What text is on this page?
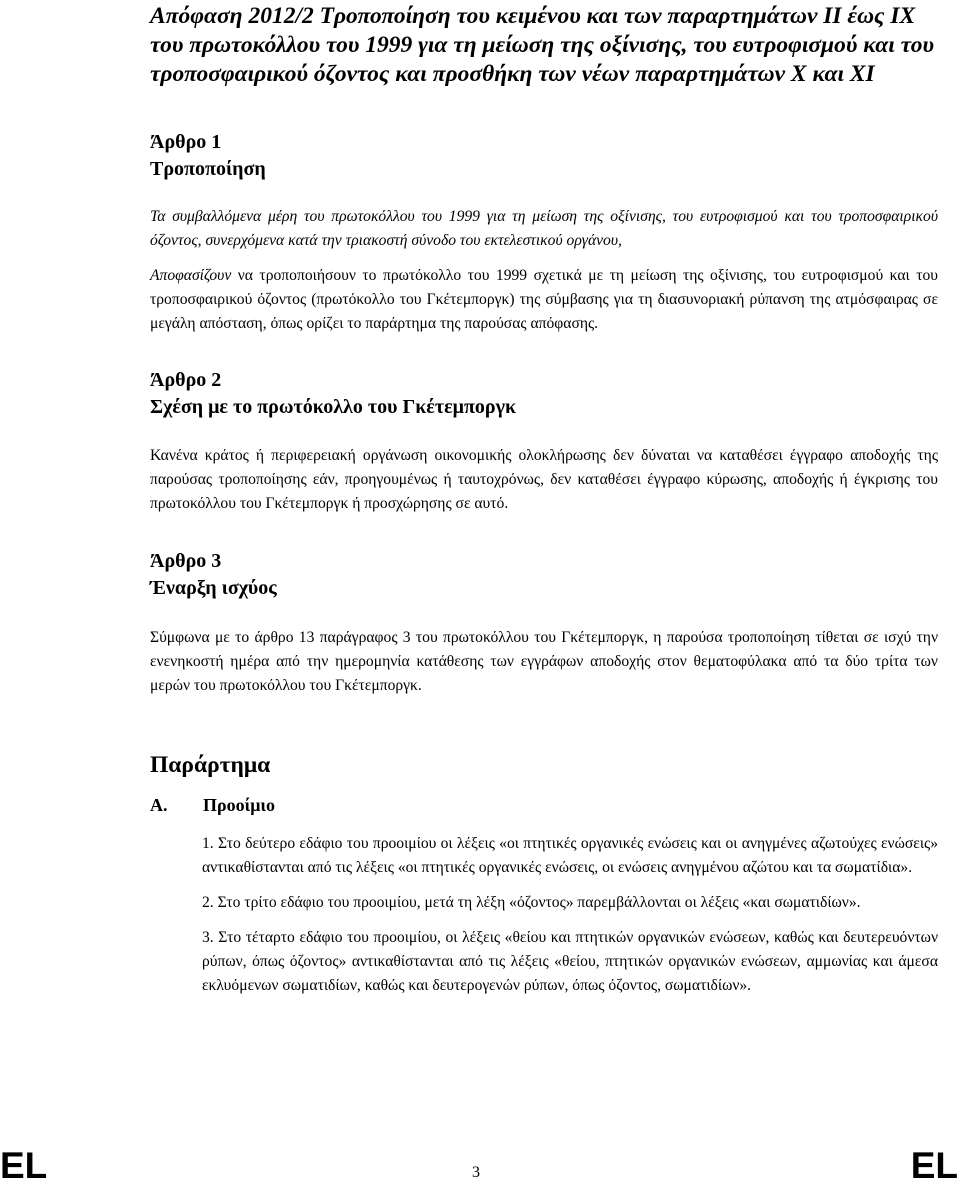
Απόφαση 2012/2 Τροποποίηση του κειμένου και των παραρτημάτων II έως IX του πρωτοκόλλου του 1999 για τη μείωση της οξίνισης, του ευτροφισμού και του τροποσφαιρικού όζοντος και προσθήκη των νέων παραρτημάτων X και XI
Άρθρο 1
Τροποποίηση

Τα συμβαλλόμενα μέρη του πρωτοκόλλου του 1999 για τη μείωση της οξίνισης, του ευτροφισμού και του τροποσφαιρικού όζοντος, συνερχόμενα κατά την τριακοστή σύνοδο του εκτελεστικού οργάνου,

Αποφασίζουν να τροποποιήσουν το πρωτόκολλο του 1999 σχετικά με τη μείωση της οξίνισης, του ευτροφισμού και του τροποσφαιρικού όζοντος (πρωτόκολλο του Γκέτεμποργκ) της σύμβασης για τη διασυνοριακή ρύπανση της ατμόσφαιρας σε μεγάλη απόσταση, όπως ορίζει το παράρτημα της παρούσας απόφασης.

Άρθρο 2
Σχέση με το πρωτόκολλο του Γκέτεμποργκ

Κανένα κράτος ή περιφερειακή οργάνωση οικονομικής ολοκλήρωσης δεν δύναται να καταθέσει έγγραφο αποδοχής της παρούσας τροποποίησης εάν, προηγουμένως ή ταυτοχρόνως, δεν καταθέσει έγγραφο κύρωσης, αποδοχής ή έγκρισης του πρωτοκόλλου του Γκέτεμποργκ ή προσχώρησης σε αυτό.

Άρθρο 3
Έναρξη ισχύος

Σύμφωνα με το άρθρο 13 παράγραφος 3 του πρωτοκόλλου του Γκέτεμποργκ, η παρούσα τροποποίηση τίθεται σε ισχύ την ενενηκοστή ημέρα από την ημερομηνία κατάθεσης των εγγράφων αποδοχής στον θεματοφύλακα από τα δύο τρίτα των μερών του πρωτοκόλλου του Γκέτεμποργκ.

Παράρτημα
A.	Προοίμιο

1. Στο δεύτερο εδάφιο του προοιμίου οι λέξεις «οι πτητικές οργανικές ενώσεις και οι ανηγμένες αζωτούχες ενώσεις» αντικαθίστανται από τις λέξεις «οι πτητικές οργανικές ενώσεις, οι ενώσεις ανηγμένου αζώτου και τα σωματίδια».

2. Στο τρίτο εδάφιο του προοιμίου, μετά τη λέξη «όζοντος» παρεμβάλλονται οι λέξεις «και σωματιδίων».

3. Στο τέταρτο εδάφιο του προοιμίου, οι λέξεις «θείου και πτητικών οργανικών ενώσεων, καθώς και δευτερευόντων ρύπων, όπως όζοντος» αντικαθίστανται από τις λέξεις «θείου, πτητικών οργανικών ενώσεων, αμμωνίας και άμεσα εκλυόμενων σωματιδίων, καθώς και δευτερογενών ρύπων, όπως όζοντος, σωματιδίων».

EL	3	EL
